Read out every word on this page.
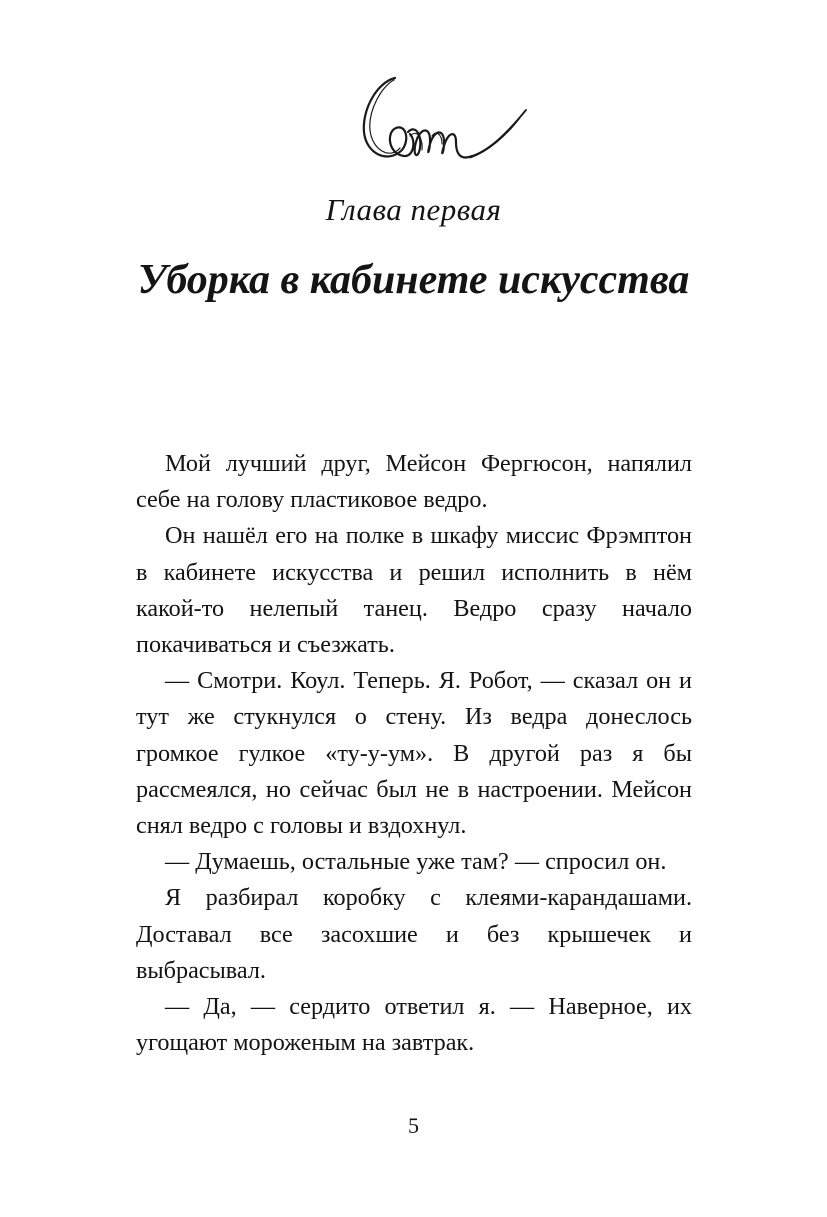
Глава первая
Уборка в кабинете искусства

Мой лучший друг, Мейсон Фергюсон, напялил себе на голову пластиковое ведро.

Он нашёл его на полке в шкафу миссис Фрэмптон в кабинете искусства и решил исполнить в нём какой-то нелепый танец. Ведро сразу начало покачиваться и съезжать.

— Смотри. Коул. Теперь. Я. Робот, — сказал он и тут же стукнулся о стену. Из ведра донеслось громкое гулкое «ту-у-ум». В другой раз я бы рассмеялся, но сейчас был не в настроении. Мейсон снял ведро с головы и вздохнул.

— Думаешь, остальные уже там? — спросил он.

Я разбирал коробку с клеями-карандашами. Доставал все засохшие и без крышечек и выбрасывал.

— Да, — сердито ответил я. — Наверное, их угощают мороженым на завтрак.

5
